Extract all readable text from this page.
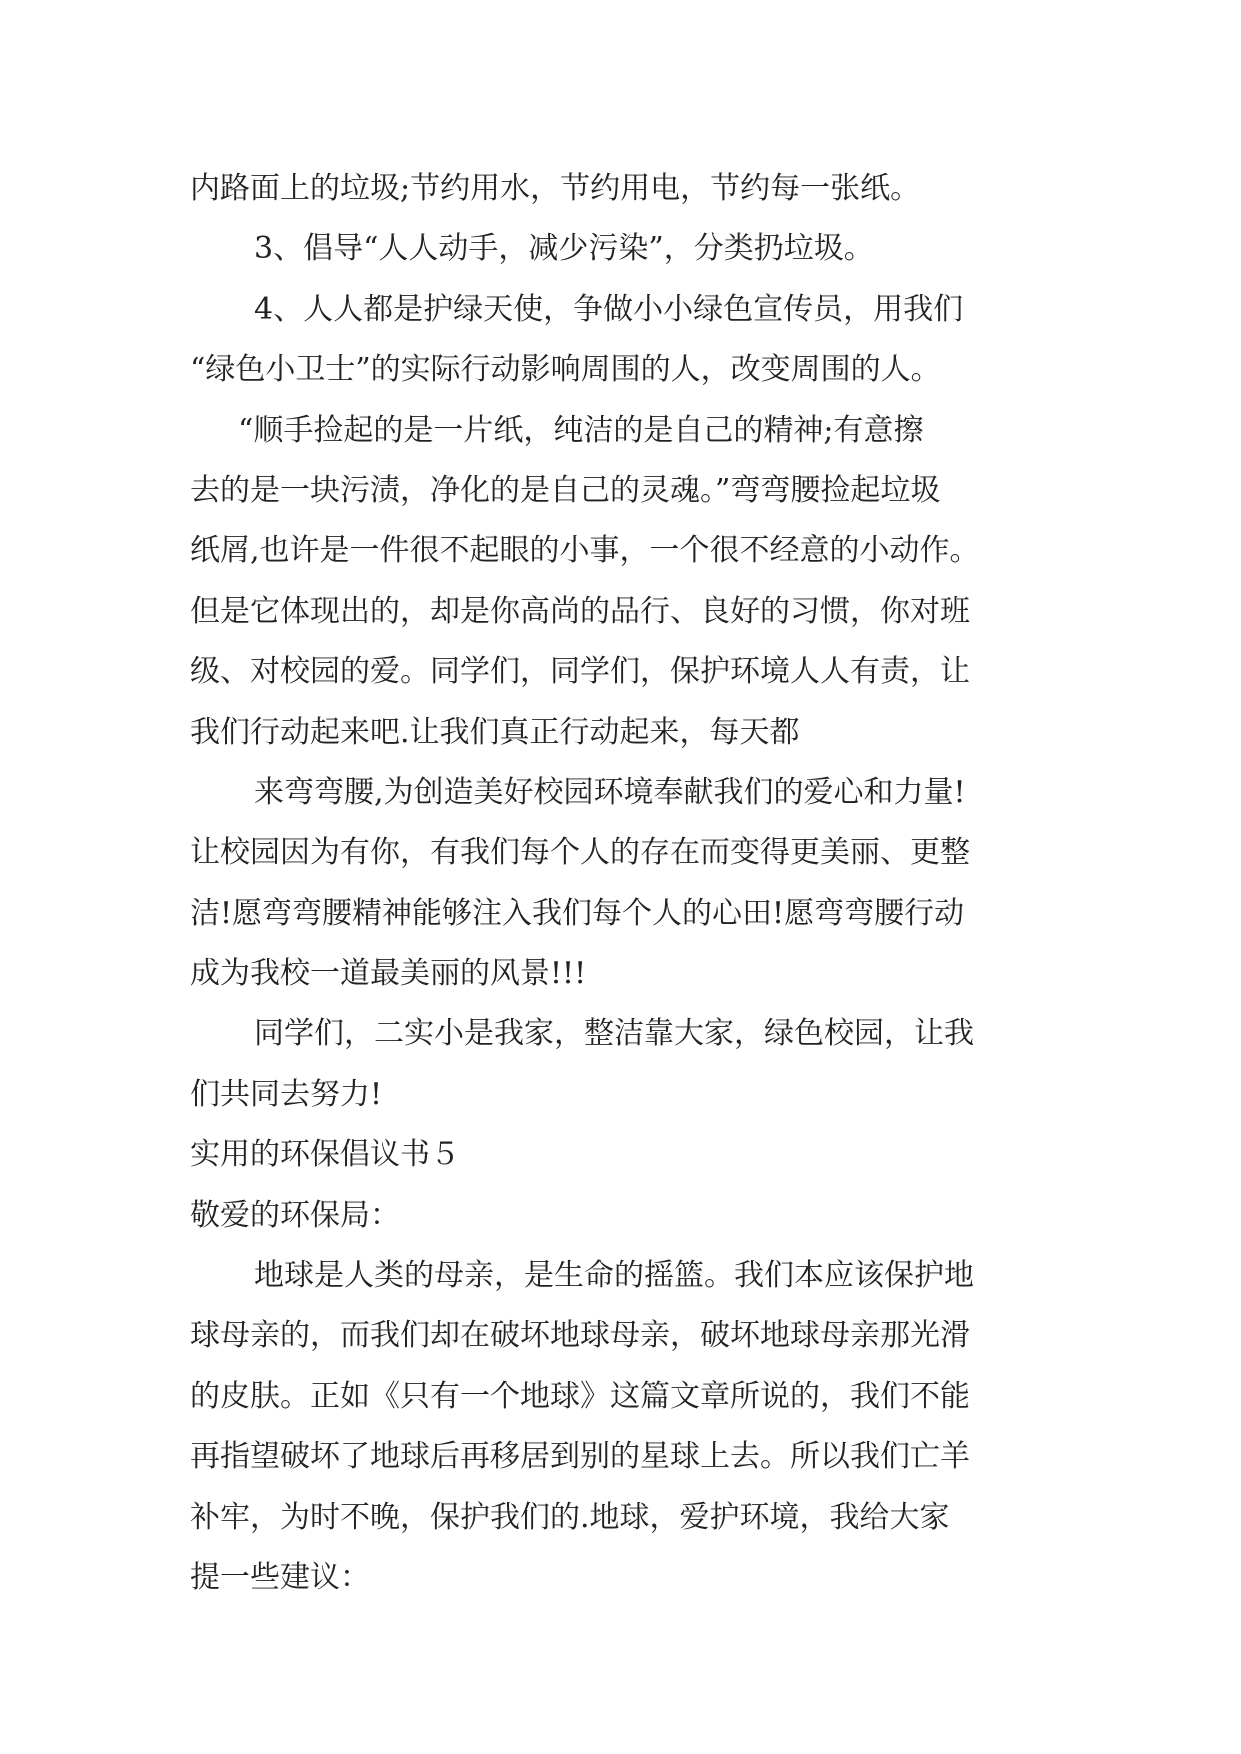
内路面上的垃圾;节约用水，节约用电，节约每一张纸。
3、倡导“人人动手，减少污染”，分类扔垃圾。
4、人人都是护绿天使，争做小小绿色宣传员，用我们
“绿色小卫士”的实际行动影响周围的人，改变周围的人。
“顺手捡起的是一片纸，纯洁的是自己的精神;有意擦
去的是一块污渍，净化的是自己的灵魂。”弯弯腰捡起垃圾
纸屑,也许是一件很不起眼的小事，一个很不经意的小动作。
但是它体现出的，却是你高尚的品行、良好的习惯，你对班
级、对校园的爱。同学们，同学们，保护环境人人有责，让
我们行动起来吧.让我们真正行动起来，每天都
来弯弯腰,为创造美好校园环境奉献我们的爱心和力量!
让校园因为有你，有我们每个人的存在而变得更美丽、更整
洁!愿弯弯腰精神能够注入我们每个人的心田!愿弯弯腰行动
成为我校一道最美丽的风景!!!
同学们，二实小是我家，整洁靠大家，绿色校园，让我
们共同去努力!
实用的环保倡议书５
敬爱的环保局：
地球是人类的母亲，是生命的摇篮。我们本应该保护地
球母亲的，而我们却在破坏地球母亲，破坏地球母亲那光滑
的皮肤。正如《只有一个地球》这篇文章所说的，我们不能
再指望破坏了地球后再移居到别的星球上去。所以我们亡羊
补牢，为时不晚，保护我们的.地球，爱护环境，我给大家
提一些建议：
